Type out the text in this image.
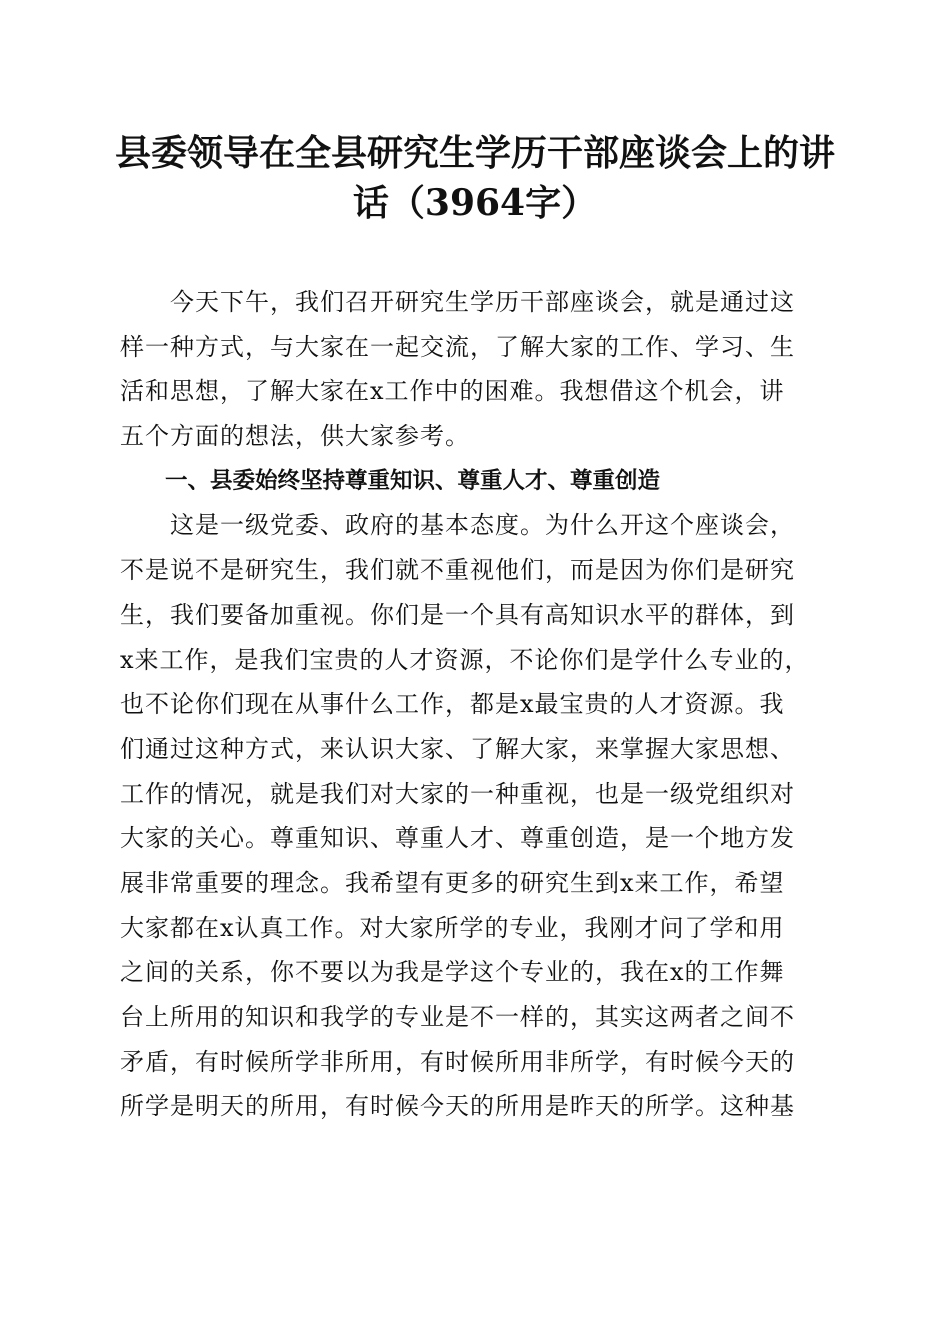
县委领导在全县研究生学历干部座谈会上的讲
话（3964字）
　　今天下午，我们召开研究生学历干部座谈会，就是通过这
样一种方式，与大家在一起交流，了解大家的工作、学习、生
活和思想，了解大家在x工作中的困难。我想借这个机会，讲
五个方面的想法，供大家参考。
　　一、县委始终坚持尊重知识、尊重人才、尊重创造
　　这是一级党委、政府的基本态度。为什么开这个座谈会，
不是说不是研究生，我们就不重视他们，而是因为你们是研究
生，我们要备加重视。你们是一个具有高知识水平的群体，到
x来工作，是我们宝贵的人才资源，不论你们是学什么专业的，
也不论你们现在从事什么工作，都是x最宝贵的人才资源。我
们通过这种方式，来认识大家、了解大家，来掌握大家思想、
工作的情况，就是我们对大家的一种重视，也是一级党组织对
大家的关心。尊重知识、尊重人才、尊重创造，是一个地方发
展非常重要的理念。我希望有更多的研究生到x来工作，希望
大家都在x认真工作。对大家所学的专业，我刚才问了学和用
之间的关系，你不要以为我是学这个专业的，我在x的工作舞
台上所用的知识和我学的专业是不一样的，其实这两者之间不
矛盾，有时候所学非所用，有时候所用非所学，有时候今天的
所学是明天的所用，有时候今天的所用是昨天的所学。这种基
